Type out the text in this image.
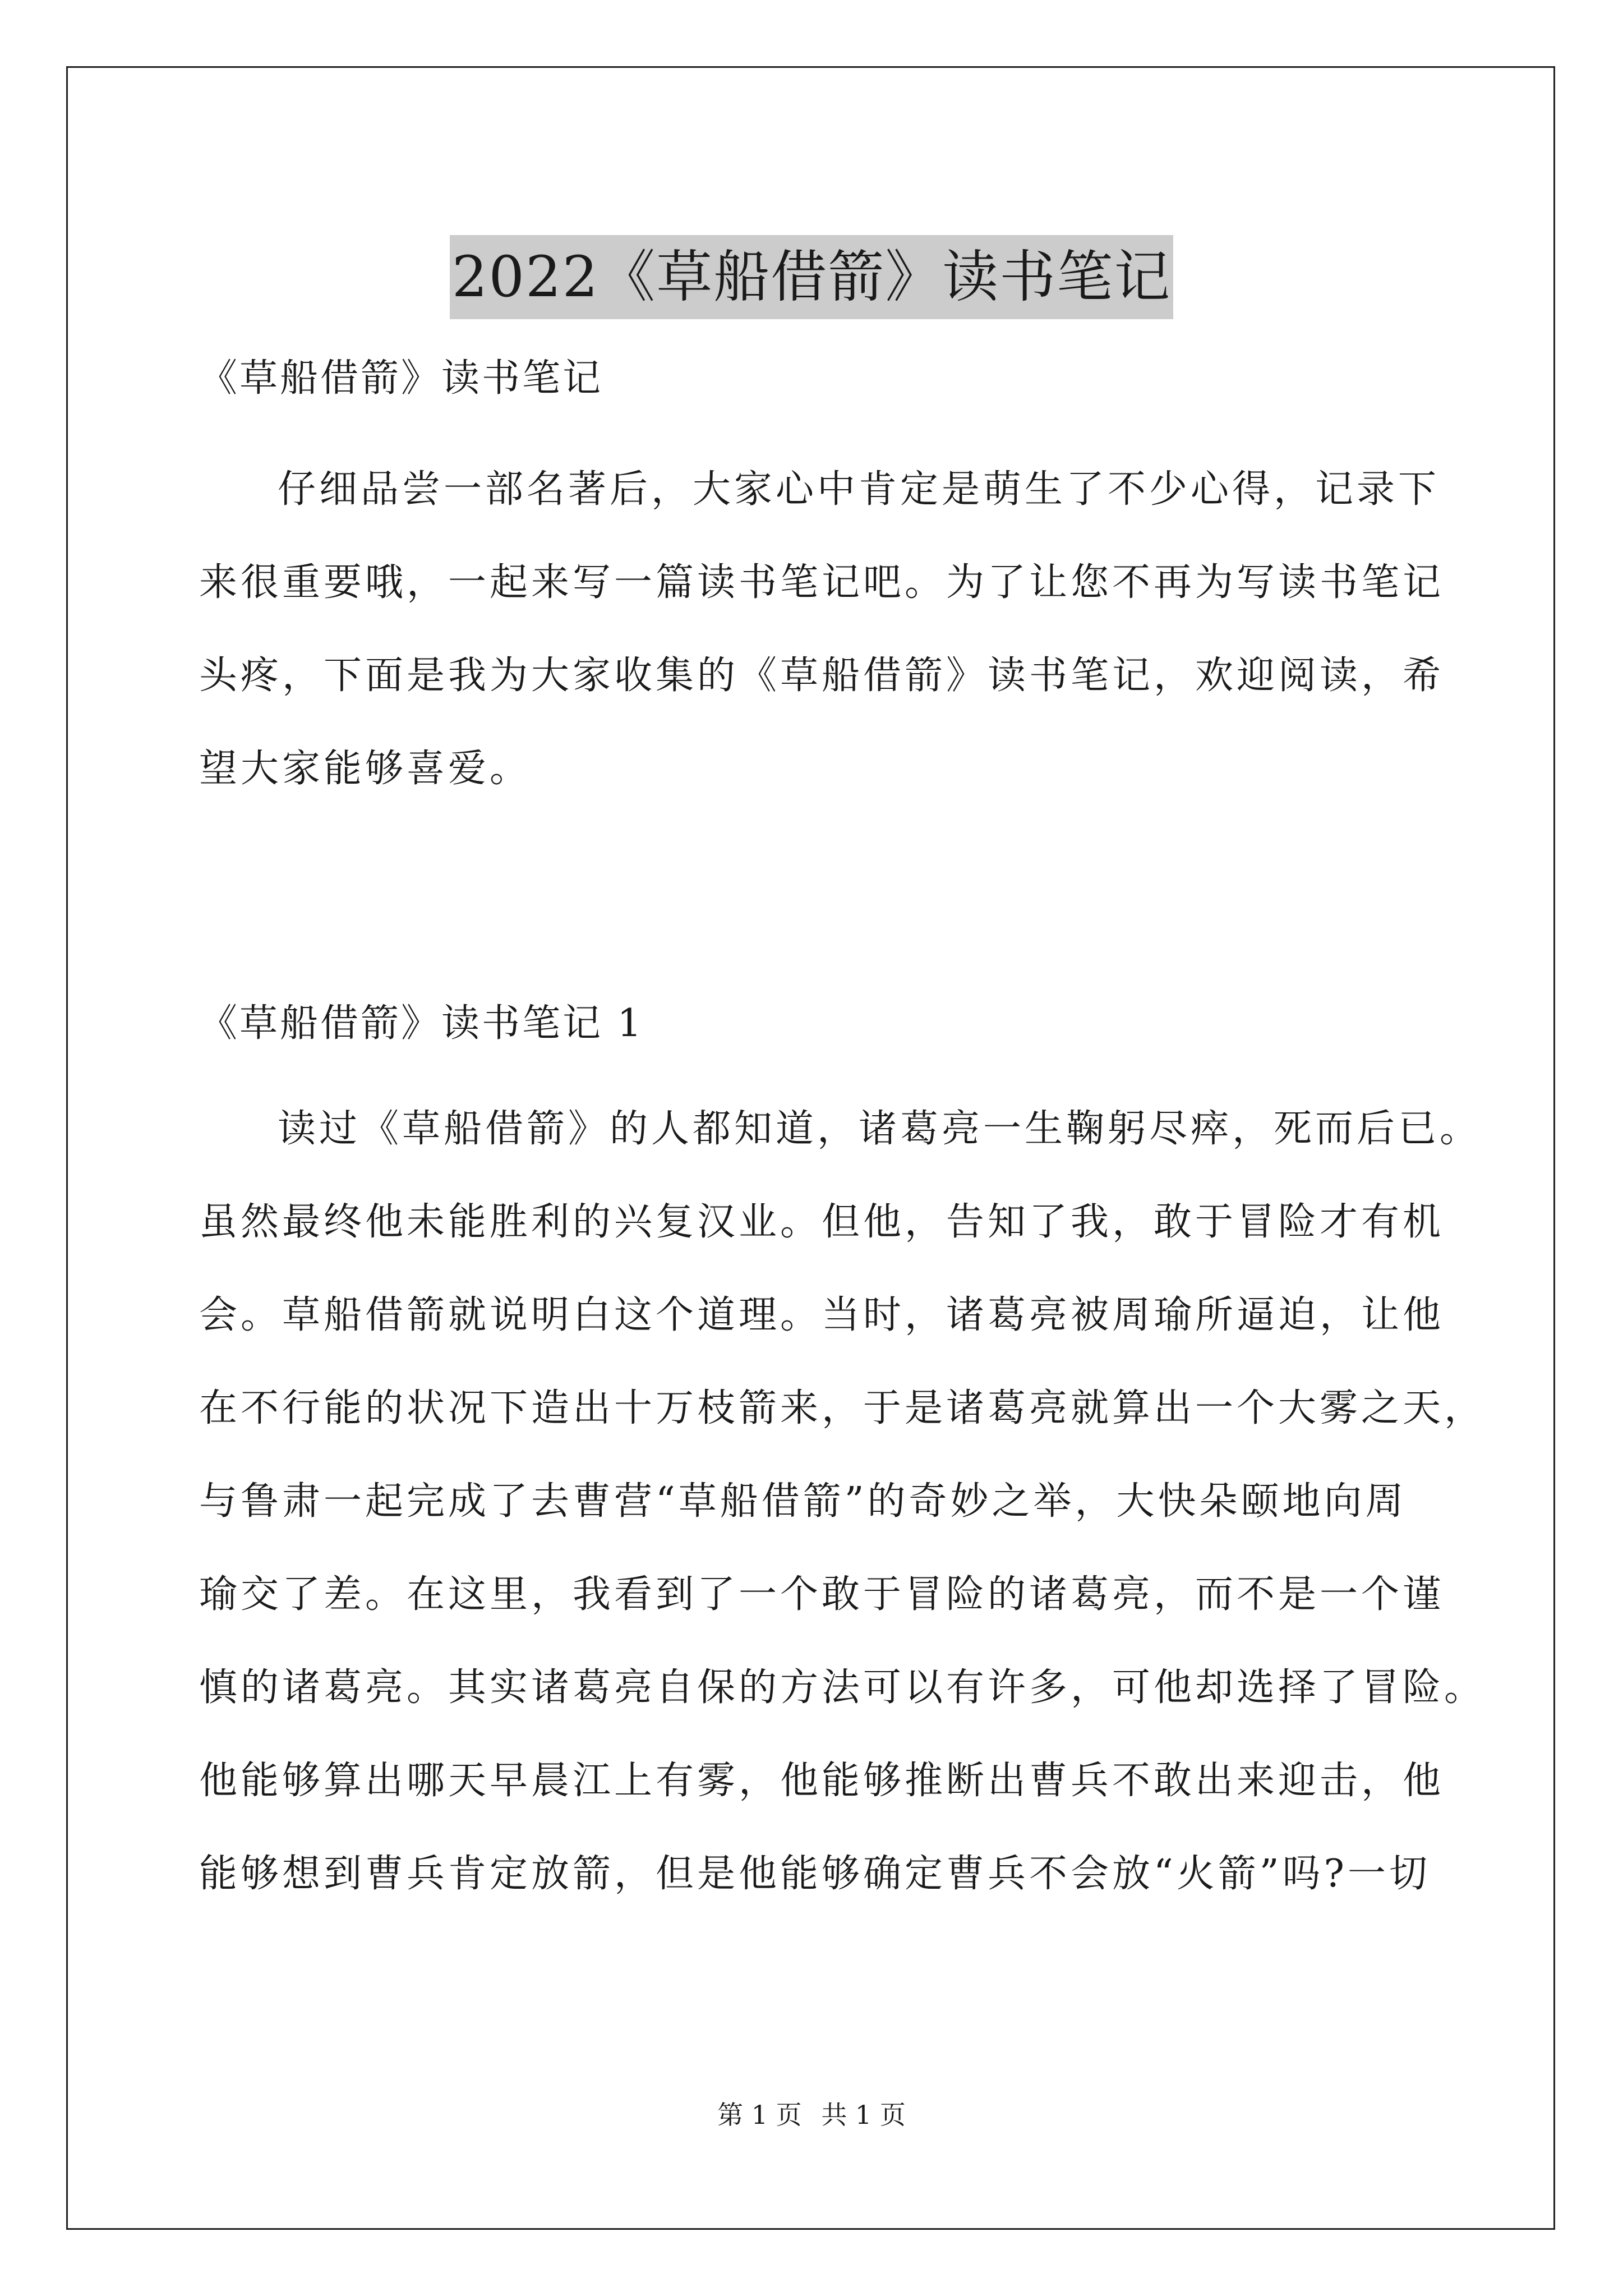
2022《草船借箭》读书笔记
《草船借箭》读书笔记
仔细品尝一部名著后，大家心中肯定是萌生了不少心得，记录下
来很重要哦，一起来写一篇读书笔记吧。为了让您不再为写读书笔记
头疼，下面是我为大家收集的《草船借箭》读书笔记，欢迎阅读，希
望大家能够喜爱。
《草船借箭》读书笔记 1
读过《草船借箭》的人都知道，诸葛亮一生鞠躬尽瘁，死而后已。
虽然最终他未能胜利的兴复汉业。但他，告知了我，敢于冒险才有机
会。草船借箭就说明白这个道理。当时，诸葛亮被周瑜所逼迫，让他
在不行能的状况下造出十万枝箭来，于是诸葛亮就算出一个大雾之天，
与鲁肃一起完成了去曹营“草船借箭”的奇妙之举，大快朵颐地向周
瑜交了差。在这里，我看到了一个敢于冒险的诸葛亮，而不是一个谨
慎的诸葛亮。其实诸葛亮自保的方法可以有许多，可他却选择了冒险。
他能够算出哪天早晨江上有雾，他能够推断出曹兵不敢出来迎击，他
能够想到曹兵肯定放箭，但是他能够确定曹兵不会放“火箭”吗?一切
第 1 页 共 1 页
